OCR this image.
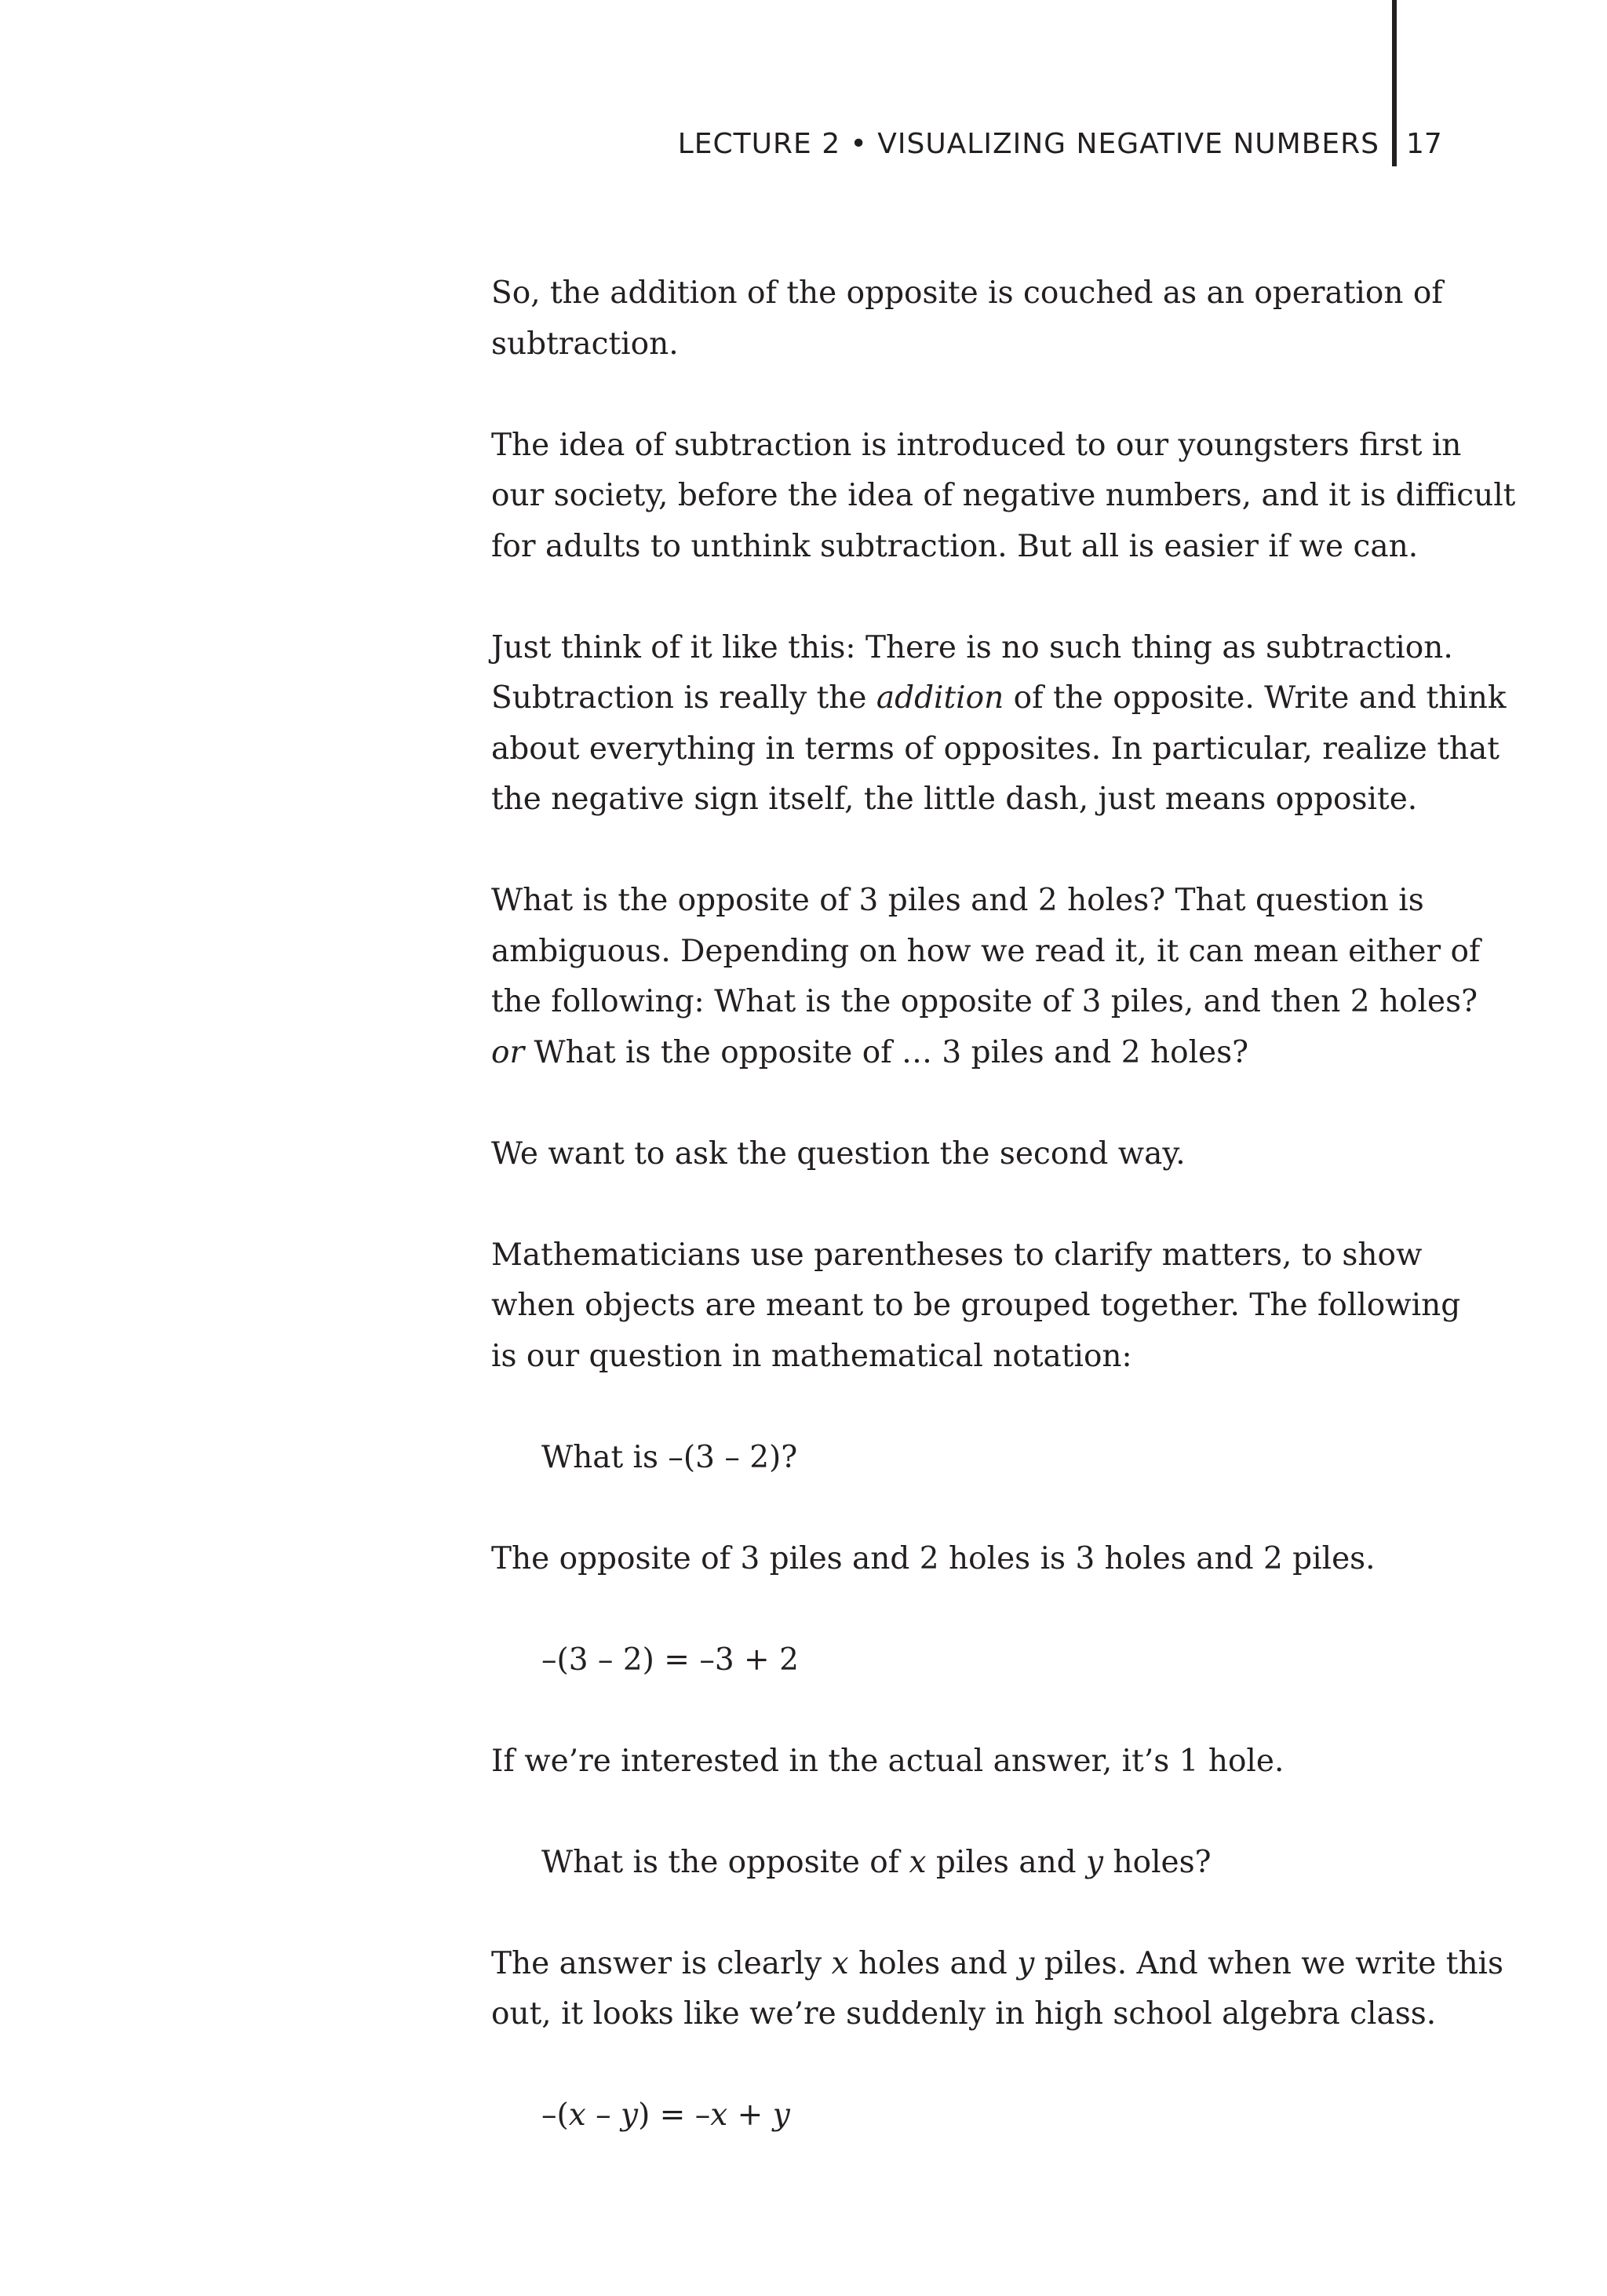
LECTURE 2 • VISUALIZING NEGATIVE NUMBERS 17

So, the addition of the opposite is couched as an operation of
subtraction.

The idea of subtraction is introduced to our youngsters first in
our society, before the idea of negative numbers, and it is difficult
for adults to unthink subtraction. But all is easier if we can.

Just think of it like this: There is no such thing as subtraction.
Subtraction is really the addition of the opposite. Write and think
about everything in terms of opposites. In particular, realize that
the negative sign itself, the little dash, just means opposite.

What is the opposite of 3 piles and 2 holes? That question is
ambiguous. Depending on how we read it, it can mean either of
the following: What is the opposite of 3 piles, and then 2 holes?
or What is the opposite of … 3 piles and 2 holes?

We want to ask the question the second way.

Mathematicians use parentheses to clarify matters, to show
when objects are meant to be grouped together. The following
is our question in mathematical notation:

What is –(3 – 2)?

The opposite of 3 piles and 2 holes is 3 holes and 2 piles.

–(3 – 2) = –3 + 2

If we’re interested in the actual answer, it’s 1 hole.

What is the opposite of x piles and y holes?

The answer is clearly x holes and y piles. And when we write this
out, it looks like we’re suddenly in high school algebra class.

–(x – y) = –x + y
